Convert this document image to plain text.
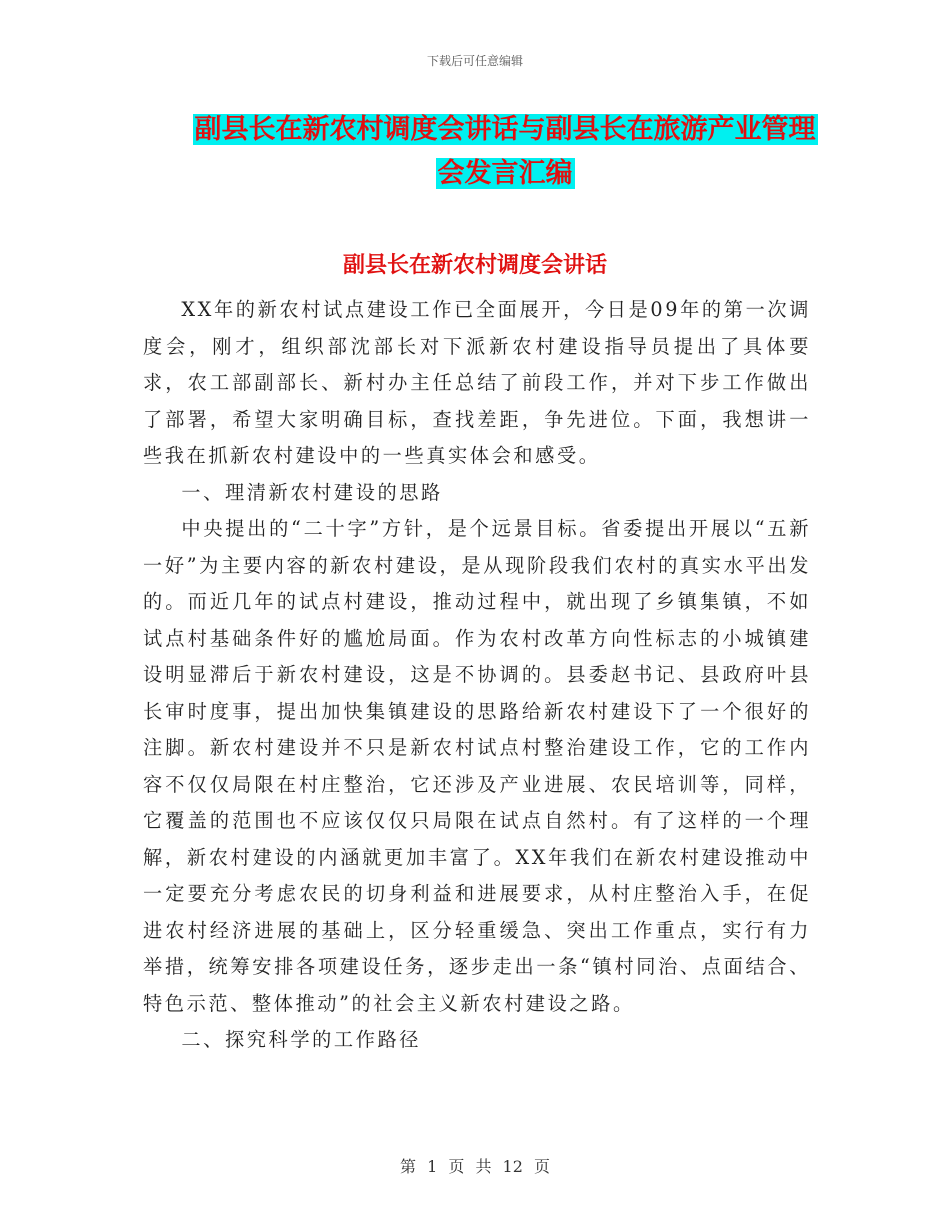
下载后可任意编辑
副县长在新农村调度会讲话与副县长在旅游产业管理会发言汇编
副县长在新农村调度会讲话

XX年的新农村试点建设工作已全面展开，今日是09年的第一次调度会，刚才，组织部沈部长对下派新农村建设指导员提出了具体要求，农工部副部长、新村办主任总结了前段工作，并对下步工作做出了部署，希望大家明确目标，查找差距，争先进位。下面，我想讲一些我在抓新农村建设中的一些真实体会和感受。

一、理清新农村建设的思路

中央提出的“二十字”方针，是个远景目标。省委提出开展以“五新一好”为主要内容的新农村建设，是从现阶段我们农村的真实水平出发的。而近几年的试点村建设，推动过程中，就出现了乡镇集镇，不如试点村基础条件好的尴尬局面。作为农村改革方向性标志的小城镇建设明显滞后于新农村建设，这是不协调的。县委赵书记、县政府叶县长审时度事，提出加快集镇建设的思路给新农村建设下了一个很好的注脚。新农村建设并不只是新农村试点村整治建设工作，它的工作内容不仅仅局限在村庄整治，它还涉及产业进展、农民培训等，同样，它覆盖的范围也不应该仅仅只局限在试点自然村。有了这样的一个理解，新农村建设的内涵就更加丰富了。XX年我们在新农村建设推动中一定要充分考虑农民的切身利益和进展要求，从村庄整治入手，在促进农村经济进展的基础上，区分轻重缓急、突出工作重点，实行有力举措，统筹安排各项建设任务，逐步走出一条“镇村同治、点面结合、特色示范、整体推动”的社会主义新农村建设之路。

二、探究科学的工作路径

第 1 页 共 12 页
